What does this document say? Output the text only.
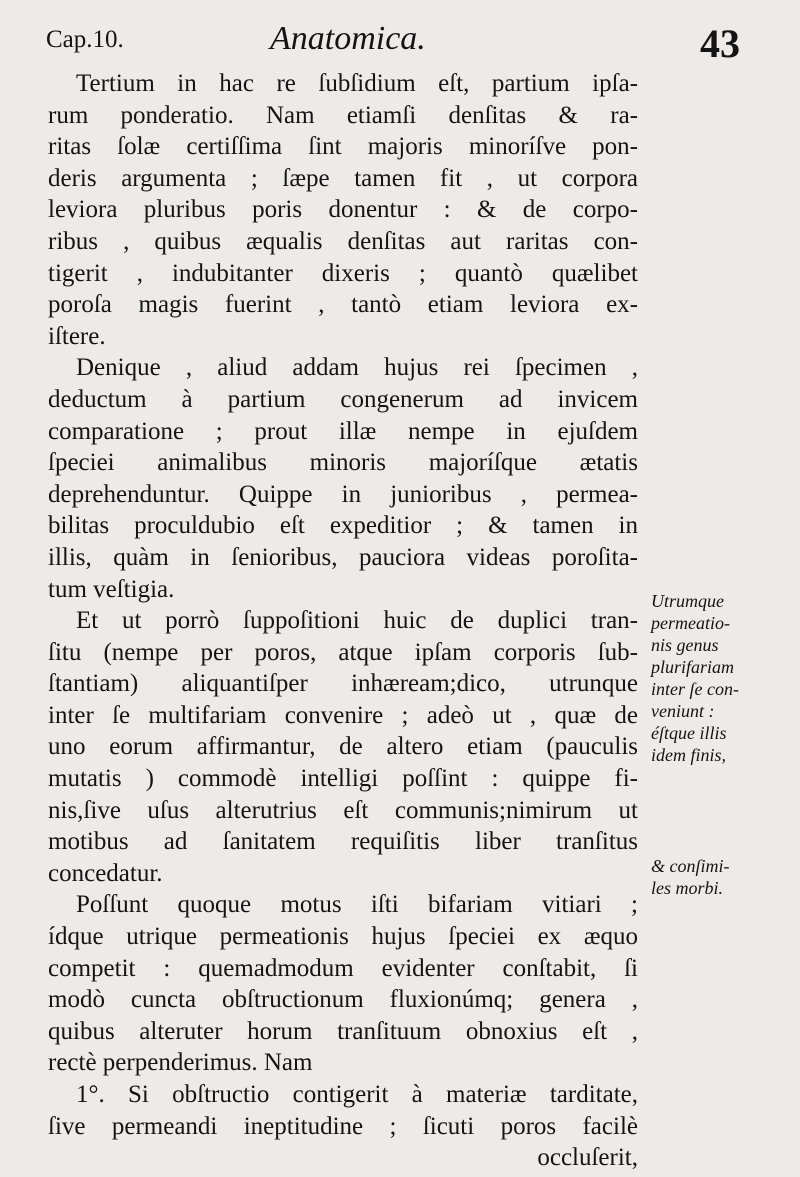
Cap.10.	Anatomica.	43
Tertium in hac re ſubſidium eſt, partium ipſa-
rum ponderatio. Nam etiamſi denſitas & ra-
ritas ſolæ certiſſima ſint majoris minoríſve pon-
deris argumenta ; ſæpe tamen fit , ut corpora
leviora pluribus poris donentur : & de corpo-
ribus , quibus æqualis denſitas aut raritas con-
tigerit , indubitanter dixeris ; quantò quælibet
poroſa magis fuerint , tantò etiam leviora ex-
iſtere.
Denique , aliud addam hujus rei ſpecimen ,
deductum à partium congenerum ad invicem
comparatione ; prout illæ nempe in ejuſdem
ſpeciei animalibus minoris majoríſque ætatis
deprehenduntur. Quippe in junioribus , permea-
bilitas proculdubio eſt expeditior ; & tamen in
illis, quàm in ſenioribus, pauciora videas poroſita-
tum veſtigia.
Et ut porrò ſuppoſitioni huic de duplici tran-
ſitu (nempe per poros, atque ipſam corporis ſub-
ſtantiam) aliquantiſper inhæream;dico, utrunque
inter ſe multifariam convenire ; adeò ut , quæ de
uno eorum affirmantur, de altero etiam (pauculis
mutatis ) commodè intelligi poſſint : quippe fi-
nis,ſive uſus alterutrius eſt communis;nimirum ut
motibus ad ſanitatem requiſitis liber tranſitus
concedatur.
Poſſunt quoque motus iſti bifariam vitiari ;
ídque utrique permeationis hujus ſpeciei ex æquo
competit : quemadmodum evidenter conſtabit, ſi
modò cuncta obſtructionum fluxionúmq; genera ,
quibus alteruter horum tranſituum obnoxius eſt ,
rectè perpenderimus. Nam
1°. Si obſtructio contigerit à materiæ tarditate,
ſive permeandi ineptitudine ; ſicuti poros facilè
occluſerit,
Utrumque
permeatio-
nis genus
plurifariam
inter ſe con-
veniunt :
éſtque illis
idem finis,
& conſimi-
les morbi.
